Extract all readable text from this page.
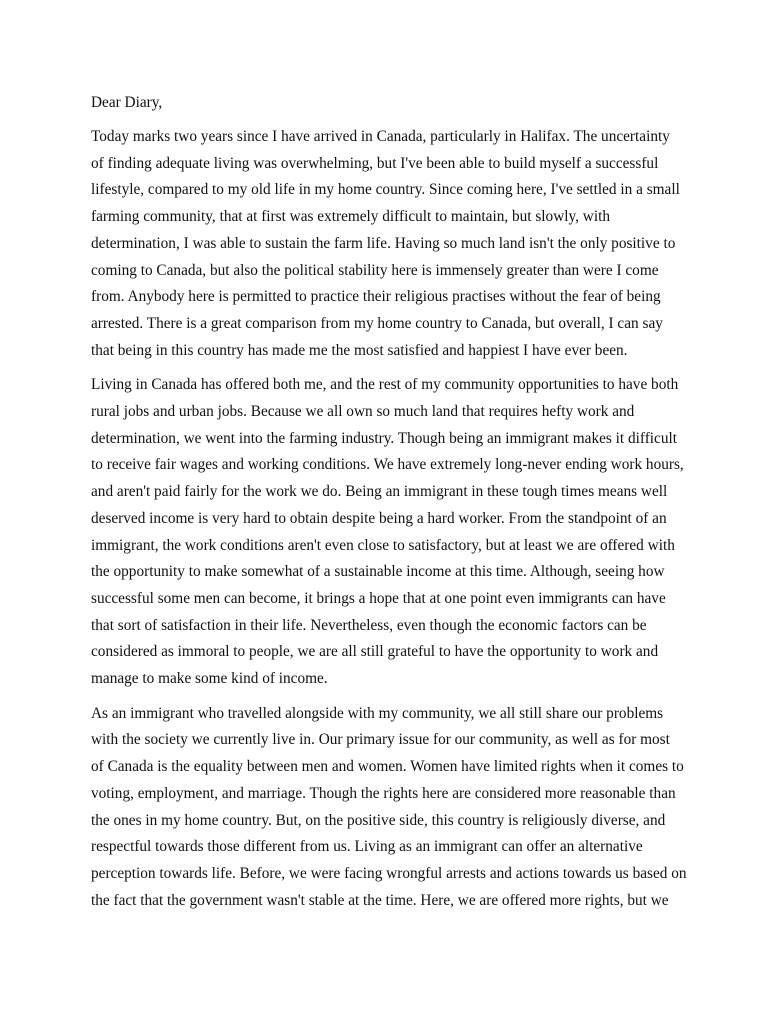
Dear Diary,
Today marks two years since I have arrived in Canada, particularly in Halifax. The uncertainty
of finding adequate living was overwhelming, but I've been able to build myself a successful
lifestyle, compared to my old life in my home country. Since coming here, I've settled in a small
farming community, that at first was extremely difficult to maintain, but slowly, with
determination, I was able to sustain the farm life. Having so much land isn't the only positive to
coming to Canada, but also the political stability here is immensely greater than were I come
from. Anybody here is permitted to practice their religious practises without the fear of being
arrested. There is a great comparison from my home country to Canada, but overall, I can say
that being in this country has made me the most satisfied and happiest I have ever been.
Living in Canada has offered both me, and the rest of my community opportunities to have both
rural jobs and urban jobs. Because we all own so much land that requires hefty work and
determination, we went into the farming industry. Though being an immigrant makes it difficult
to receive fair wages and working conditions. We have extremely long-never ending work hours,
and aren't paid fairly for the work we do. Being an immigrant in these tough times means well
deserved income is very hard to obtain despite being a hard worker. From the standpoint of an
immigrant, the work conditions aren't even close to satisfactory, but at least we are offered with
the opportunity to make somewhat of a sustainable income at this time. Although, seeing how
successful some men can become, it brings a hope that at one point even immigrants can have
that sort of satisfaction in their life. Nevertheless, even though the economic factors can be
considered as immoral to people, we are all still grateful to have the opportunity to work and
manage to make some kind of income.
As an immigrant who travelled alongside with my community, we all still share our problems
with the society we currently live in. Our primary issue for our community, as well as for most
of Canada is the equality between men and women. Women have limited rights when it comes to
voting, employment, and marriage. Though the rights here are considered more reasonable than
the ones in my home country. But, on the positive side, this country is religiously diverse, and
respectful towards those different from us. Living as an immigrant can offer an alternative
perception towards life. Before, we were facing wrongful arrests and actions towards us based on
the fact that the government wasn't stable at the time. Here, we are offered more rights, but we
